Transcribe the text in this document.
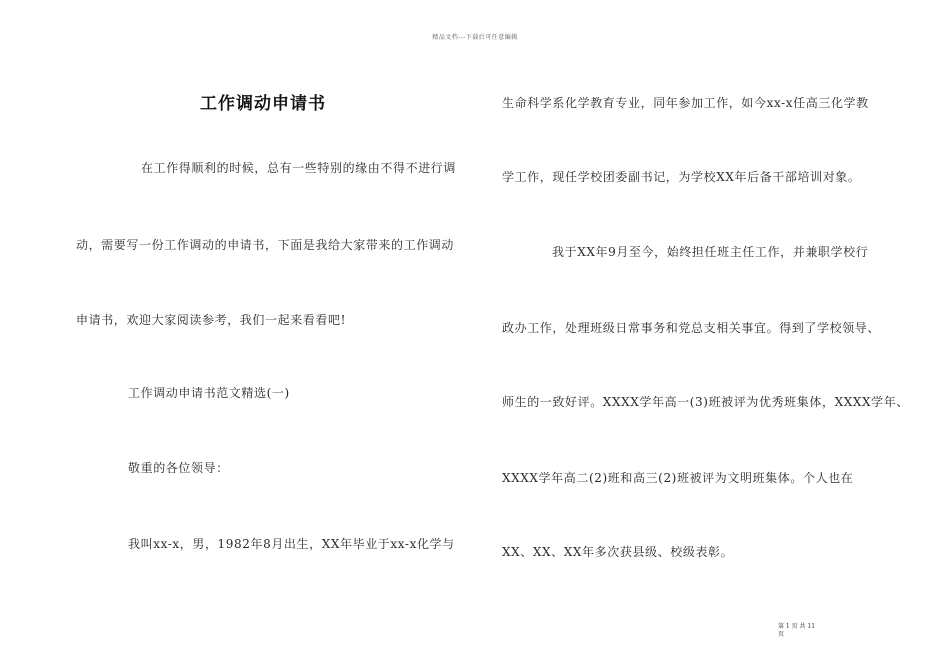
精品文档---下载后可任意编辑
工作调动申请书
在工作得顺利的时候，总有一些特别的缘由不得不进行调
动，需要写一份工作调动的申请书，下面是我给大家带来的工作调动
申请书，欢迎大家阅读参考，我们一起来看看吧!
工作调动申请书范文精选(一)
敬重的各位领导：
我叫xx-x，男，1982年8月出生，XX年毕业于xx-x化学与
生命科学系化学教育专业，同年参加工作，如今xx-x任高三化学教
学工作，现任学校团委副书记，为学校XX年后备干部培训对象。
我于XX年9月至今，始终担任班主任工作，并兼职学校行
政办工作，处理班级日常事务和党总支相关事宜。得到了学校领导、
师生的一致好评。XXXX学年高一(3)班被评为优秀班集体，XXXX学年、
XXXX学年高二(2)班和高三(2)班被评为文明班集体。个人也在
XX、XX、XX年多次获县级、校级表彰。
第 1 页 共 11
页
